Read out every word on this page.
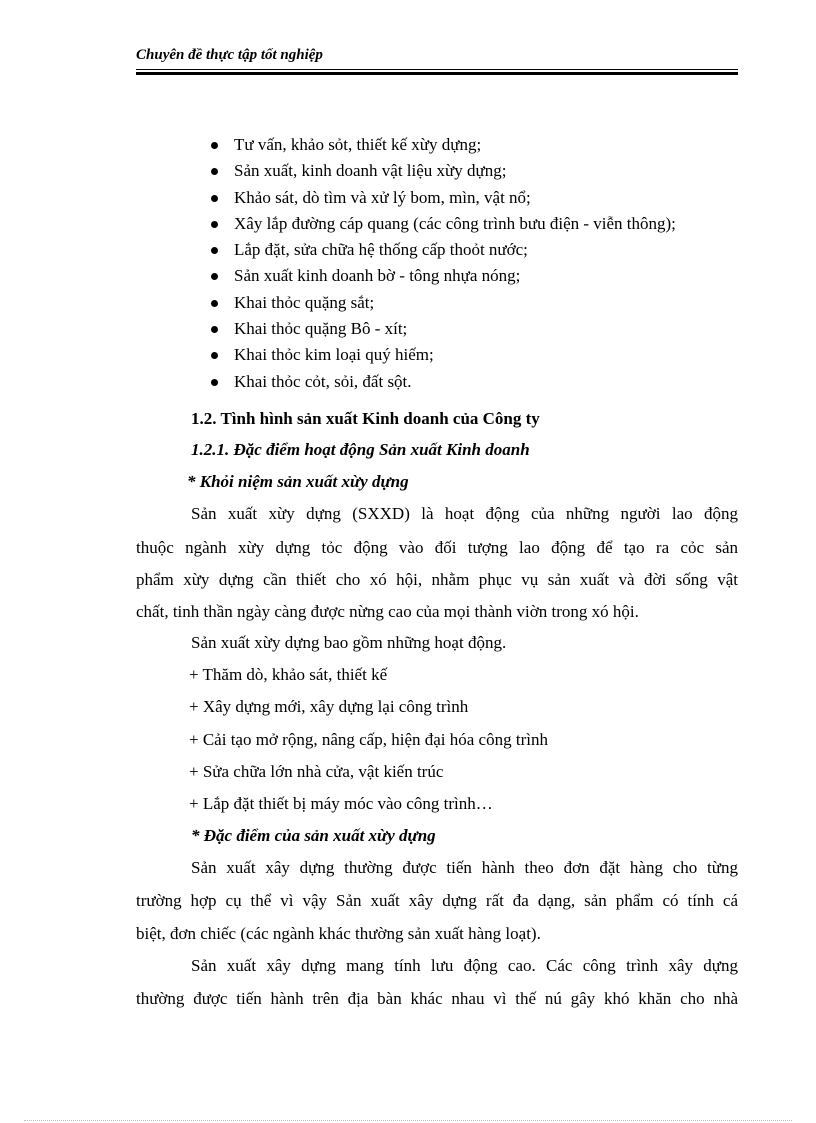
Chuyên đề thực tập tốt nghiệp
Tư vấn, khảo sỏt, thiết kế xừy dựng;
Sản xuất, kinh doanh vật liệu xừy dựng;
Khảo sát, dò tìm và xử lý bom, mìn, vật nổ;
Xây lắp đường cáp quang (các công trình bưu điện - viễn thông);
Lắp đặt, sửa chữa hệ thống cấp thoỏt nước;
Sản xuất kinh doanh bờ - tông nhựa nóng;
Khai thỏc quặng sắt;
Khai thỏc quặng Bô - xít;
Khai thỏc kim loại quý hiếm;
Khai thỏc cỏt, sỏi, đất sột.
1.2. Tình hình sản xuất Kinh doanh của Công ty
1.2.1. Đặc điểm hoạt động Sản xuất Kinh doanh
* Khỏi niệm sản xuất xừy dựng
Sản xuất xừy dựng (SXXD) là hoạt động của những người lao động
thuộc ngành xừy dựng tỏc động vào đối tượng lao động để tạo ra cỏc sản
phẩm xừy dựng cần thiết cho xó hội, nhằm phục vụ sản xuất và đời sống vật
chất, tinh thần ngày càng được nừng cao của mọi thành viờn trong xó hội.
Sản xuất xừy dựng bao gồm những hoạt động.
+ Thăm dò, khảo sát, thiết kế
+ Xây dựng mới, xây dựng lại công trình
+ Cải tạo mở rộng, nâng cấp, hiện đại hóa công trình
+ Sửa chữa lớn nhà cửa, vật kiến trúc
+ Lắp đặt thiết bị máy móc vào công trình…
* Đặc điểm của sản xuất xừy dựng
Sản xuất xây dựng thường được tiến hành theo đơn đặt hàng cho từng
trường hợp cụ thể vì vậy Sản xuất xây dựng rất đa dạng, sản phẩm có tính cá
biệt, đơn chiếc (các ngành khác thường sản xuất hàng loạt).
Sản xuất xây dựng mang tính lưu động cao. Các công trình xây dựng
thường được tiến hành trên địa bàn khác nhau vì thế nú gây khó khăn cho nhà
